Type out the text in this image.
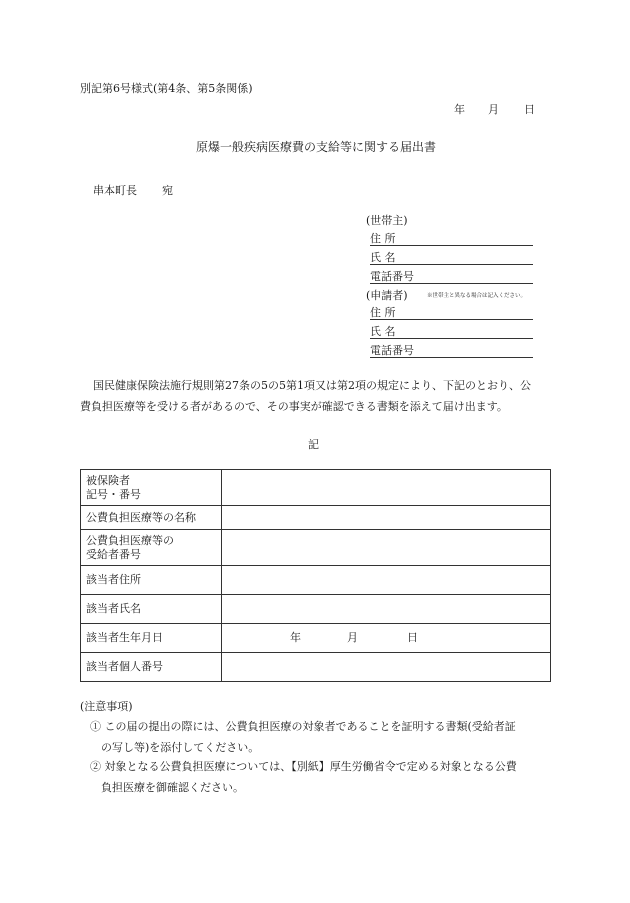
別記第6号様式(第4条、第5条関係)
年 月 日
原爆一般疾病医療費の支給等に関する届出書
串本町長 宛
(世帯主)
住 所
氏 名
電話番号
(申請者)	※世帯主と異なる場合は記入ください。
住 所
氏 名
電話番号
国民健康保険法施行規則第27条の5の5第1項又は第2項の規定により、下記のとおり、公
費負担医療等を受ける者があるので、その事実が確認できる書類を添えて届け出ます。
記
被保険者
記号・番号	

公費負担医療等の名称	

公費負担医療等の
受給者番号	

該当者住所	

該当者氏名	

該当者生年月日	年 月 日

該当者個人番号	

(注意事項)
① この届の提出の際には、公費負担医療の対象者であることを証明する書類(受給者証
の写し等)を添付してください。
② 対象となる公費負担医療については、【別紙】厚生労働省令で定める対象となる公費
負担医療を御確認ください。
